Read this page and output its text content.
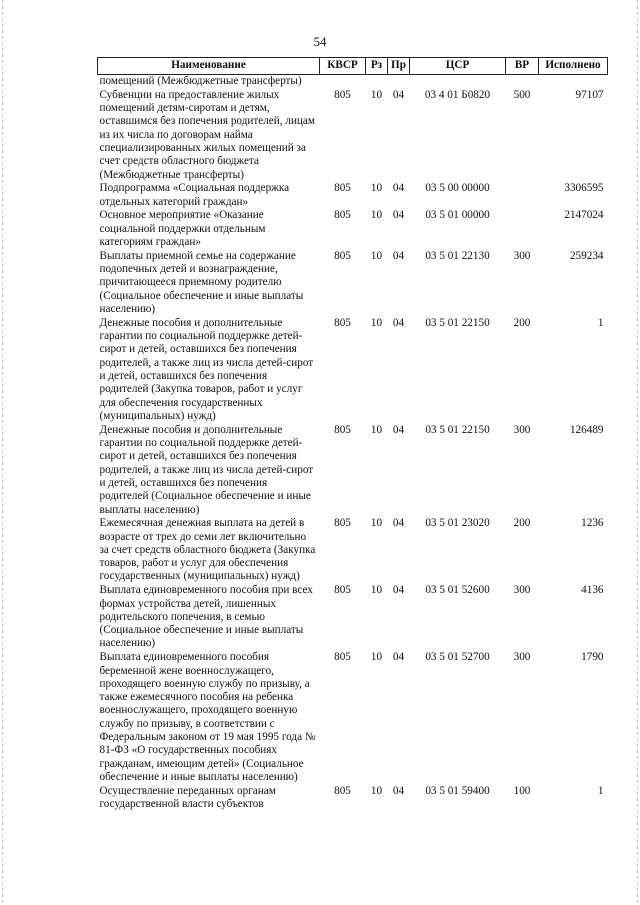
54
Наименование	КВСР	Рз	Пр	ЦСР	ВР	Исполнено
помещений (Межбюджетные трансферты)						
Субвенции на предоставление жилых помещений детям-сиротам и детям, оставшимся без попечения родителей, лицам из их числа по договорам найма специализированных жилых помещений за счет средств областного бюджета (Межбюджетные трансферты)	805	10	04	03 4 01 Б0820	500	97107
Подпрограмма «Социальная поддержка отдельных категорий граждан»	805	10	04	03 5 00 00000		3306595
Основное мероприятие «Оказание социальной поддержки отдельным категориям граждан»	805	10	04	03 5 01 00000		2147024
Выплаты приемной семье на содержание подопечных детей и вознаграждение, причитающееся приемному родителю (Социальное обеспечение и иные выплаты населению)	805	10	04	03 5 01 22130	300	259234
Денежные пособия и дополнительные гарантии по социальной поддержке детей-сирот и детей, оставшихся без попечения родителей, а также лиц из числа детей-сирот и детей, оставшихся без попечения родителей (Закупка товаров, работ и услуг для обеспечения государственных (муниципальных) нужд)	805	10	04	03 5 01 22150	200	1
Денежные пособия и дополнительные гарантии по социальной поддержке детей-сирот и детей, оставшихся без попечения родителей, а также лиц из числа детей-сирот и детей, оставшихся без попечения родителей (Социальное обеспечение и иные выплаты населению)	805	10	04	03 5 01 22150	300	126489
Ежемесячная денежная выплата на детей в возрасте от трех до семи лет включительно за счет средств областного бюджета (Закупка товаров, работ и услуг для обеспечения государственных (муниципальных) нужд)	805	10	04	03 5 01 23020	200	1236
Выплата единовременного пособия при всех формах устройства детей, лишенных родительского попечения, в семью (Социальное обеспечение и иные выплаты населению)	805	10	04	03 5 01 52600	300	4136
Выплата единовременного пособия беременной жене военнослужащего, проходящего военную службу по призыву, а также ежемесячного пособия на ребенка военнослужащего, проходящего военную службу по призыву, в соответствии с Федеральным законом от 19 мая 1995 года № 81-ФЗ «О государственных пособиях гражданам, имеющим детей» (Социальное обеспечение и иные выплаты населению)	805	10	04	03 5 01 52700	300	1790
Осуществление переданных органам государственной власти субъектов	805	10	04	03 5 01 59400	100	1
